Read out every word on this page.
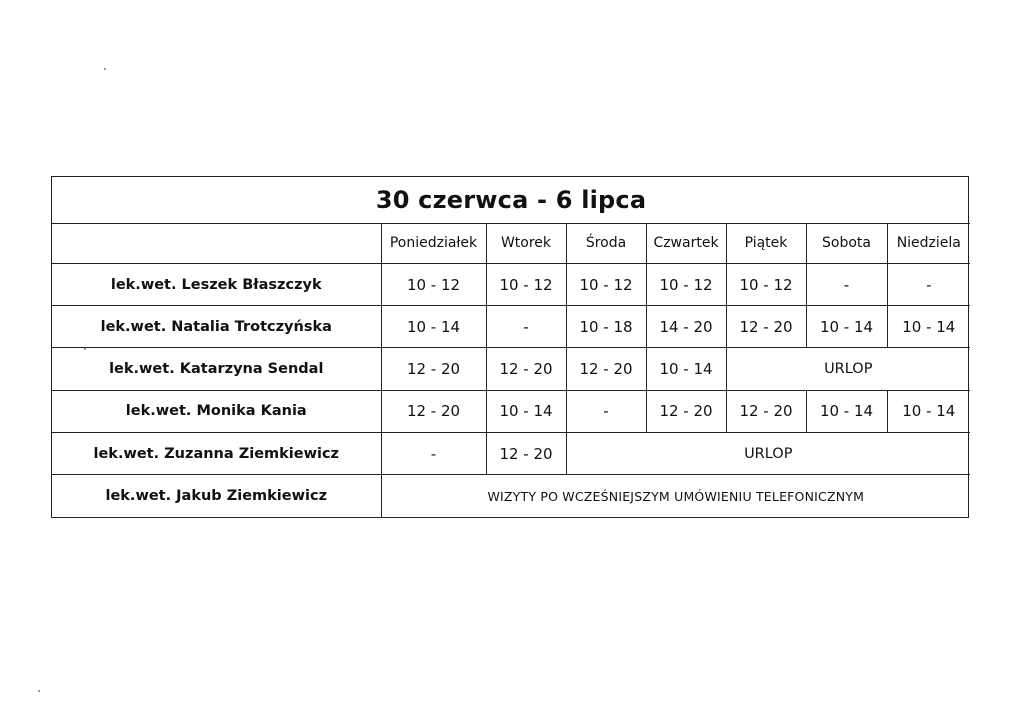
30 czerwca - 6 lipca							
	Poniedziałek	Wtorek	Środa	Czwartek	Piątek	Sobota	Niedziela
lek.wet. Leszek Błaszczyk	10 - 12	10 - 12	10 - 12	10 - 12	10 - 12	-	-
lek.wet. Natalia Trotczyńska	10 - 14	-	10 - 18	14 - 20	12 - 20	10 - 14	10 - 14
lek.wet. Katarzyna Sendal	12 - 20	12 - 20	12 - 20	10 - 14	URLOP		
lek.wet. Monika Kania	12 - 20	10 - 14	-	12 - 20	12 - 20	10 - 14	10 - 14
lek.wet. Zuzanna Ziemkiewicz	-	12 - 20	URLOP				
lek.wet. Jakub Ziemkiewicz	WIZYTY PO WCZEŚNIEJSZYM UMÓWIENIU TELEFONICZNYM						
